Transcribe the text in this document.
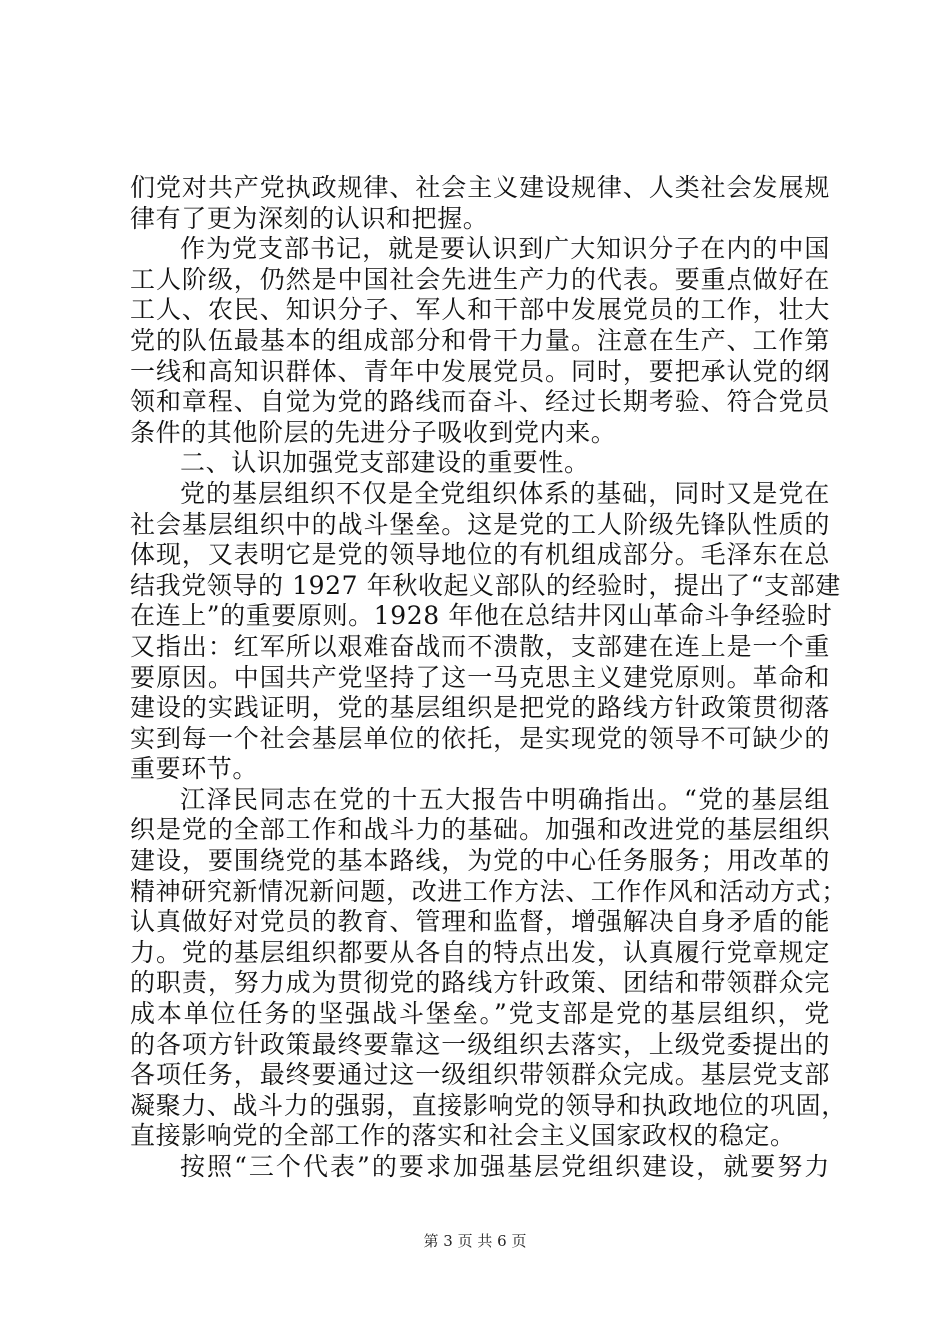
们党对共产党执政规律、社会主义建设规律、人类社会发展规
律有了更为深刻的认识和把握。
作为党支部书记，就是要认识到广大知识分子在内的中国
工人阶级，仍然是中国社会先进生产力的代表。要重点做好在
工人、农民、知识分子、军人和干部中发展党员的工作，壮大
党的队伍最基本的组成部分和骨干力量。注意在生产、工作第
一线和高知识群体、青年中发展党员。同时，要把承认党的纲
领和章程、自觉为党的路线而奋斗、经过长期考验、符合党员
条件的其他阶层的先进分子吸收到党内来。
二、认识加强党支部建设的重要性。
党的基层组织不仅是全党组织体系的基础，同时又是党在
社会基层组织中的战斗堡垒。这是党的工人阶级先锋队性质的
体现，又表明它是党的领导地位的有机组成部分。毛泽东在总
结我党领导的 1927 年秋收起义部队的经验时，提出了“支部建
在连上”的重要原则。1928 年他在总结井冈山革命斗争经验时
又指出：红军所以艰难奋战而不溃散，支部建在连上是一个重
要原因。中国共产党坚持了这一马克思主义建党原则。革命和
建设的实践证明，党的基层组织是把党的路线方针政策贯彻落
实到每一个社会基层单位的依托，是实现党的领导不可缺少的
重要环节。
江泽民同志在党的十五大报告中明确指出。“党的基层组
织是党的全部工作和战斗力的基础。加强和改进党的基层组织
建设，要围绕党的基本路线，为党的中心任务服务；用改革的
精神研究新情况新问题，改进工作方法、工作作风和活动方式；
认真做好对党员的教育、管理和监督，增强解决自身矛盾的能
力。党的基层组织都要从各自的特点出发，认真履行党章规定
的职责，努力成为贯彻党的路线方针政策、团结和带领群众完
成本单位任务的坚强战斗堡垒。”党支部是党的基层组织，党
的各项方针政策最终要靠这一级组织去落实，上级党委提出的
各项任务，最终要通过这一级组织带领群众完成。基层党支部
凝聚力、战斗力的强弱，直接影响党的领导和执政地位的巩固，
直接影响党的全部工作的落实和社会主义国家政权的稳定。
按照“三个代表”的要求加强基层党组织建设，就要努力
第 3 页 共 6 页
